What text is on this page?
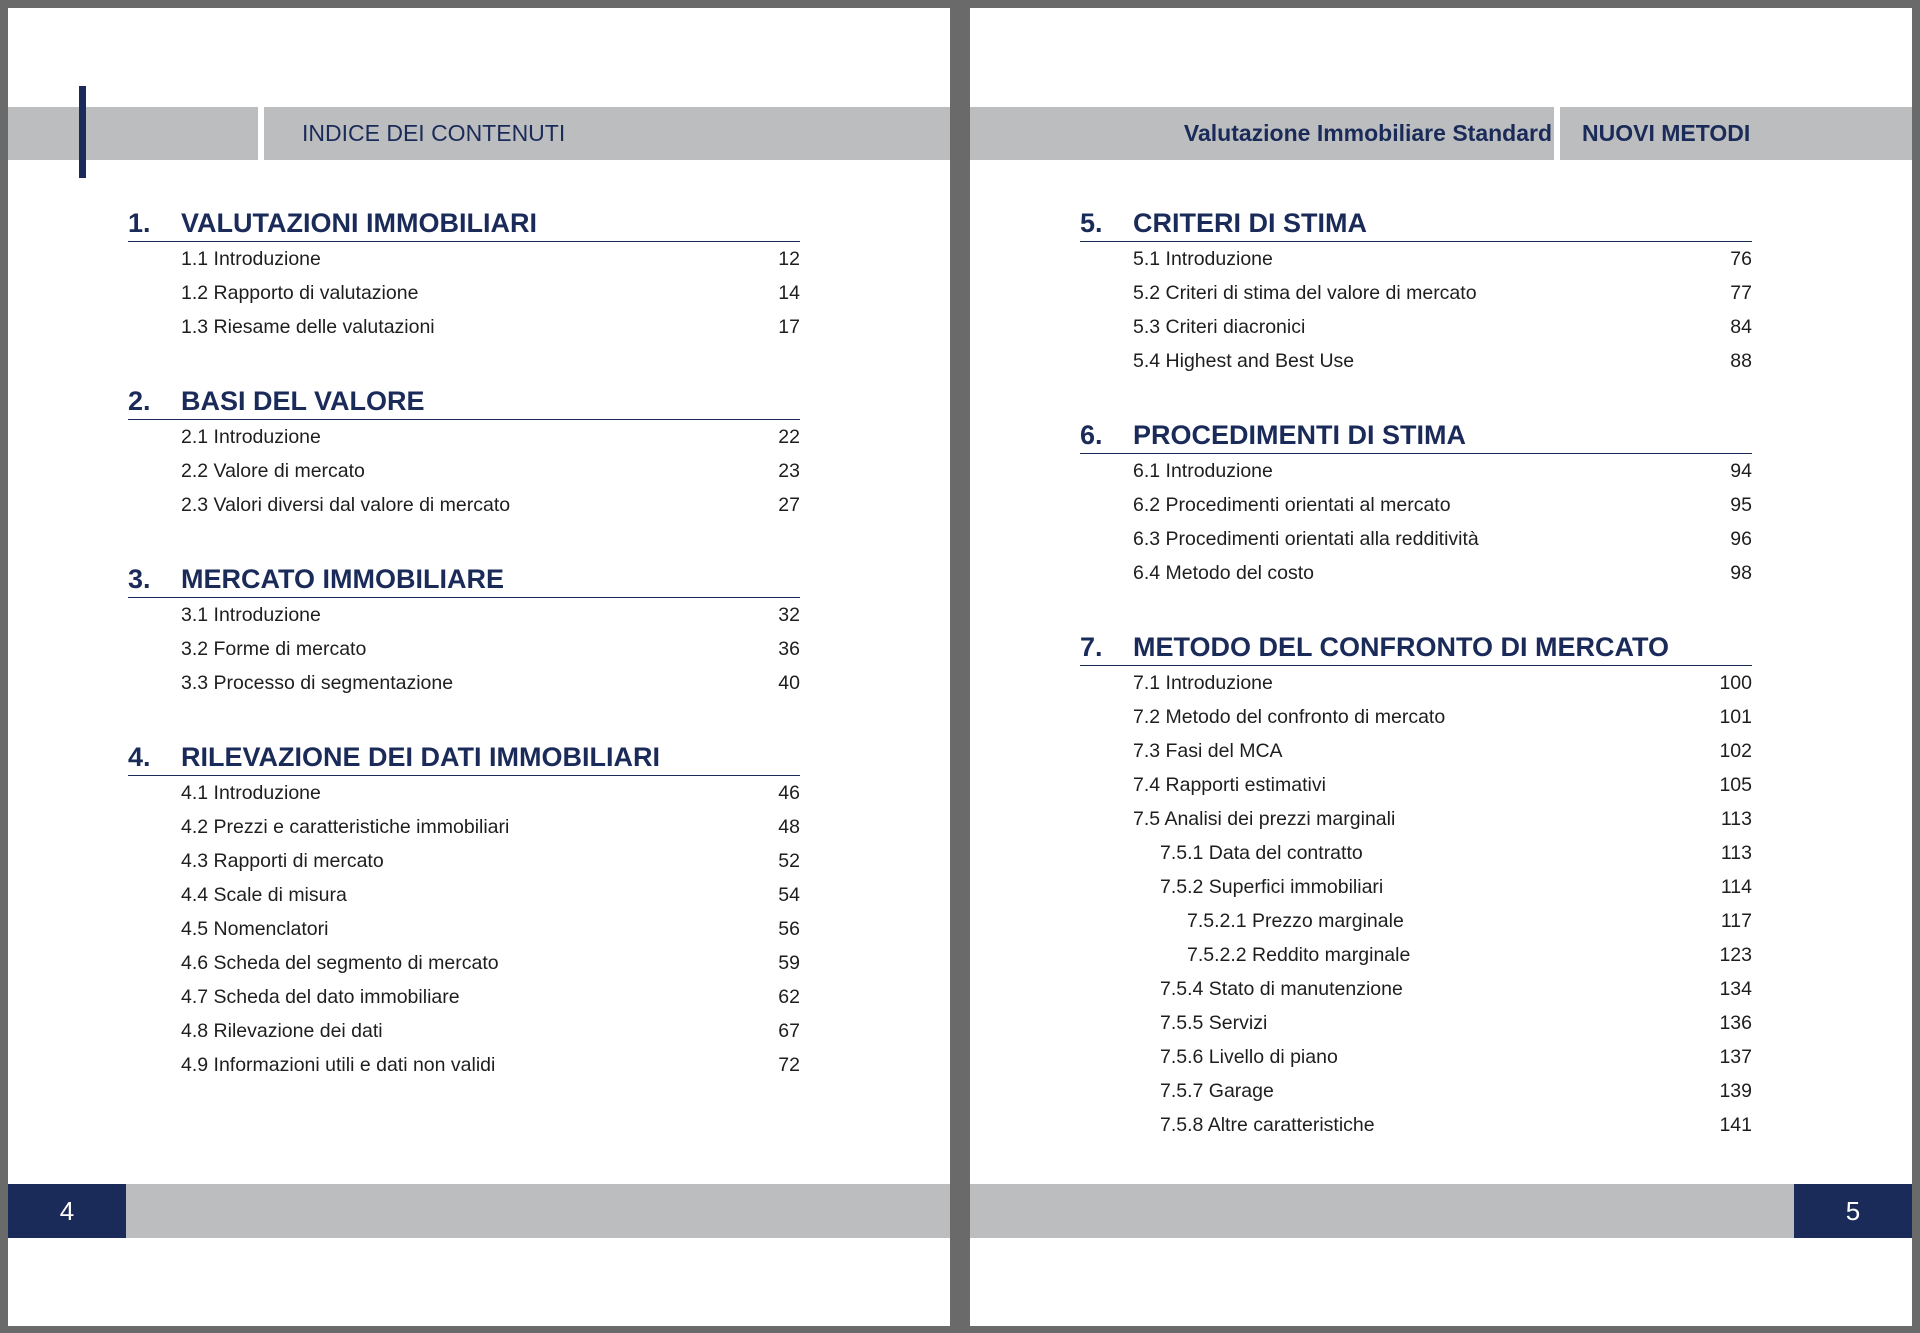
INDICE DEI CONTENUTI
1. VALUTAZIONI IMMOBILIARI
1.1 Introduzione	12
1.2 Rapporto di valutazione	14
1.3 Riesame delle valutazioni	17
2. BASI DEL VALORE
2.1 Introduzione	22
2.2 Valore di mercato	23
2.3 Valori diversi dal valore di mercato	27
3. MERCATO IMMOBILIARE
3.1 Introduzione	32
3.2 Forme di mercato	36
3.3 Processo di segmentazione	40
4. RILEVAZIONE DEI DATI IMMOBILIARI
4.1 Introduzione	46
4.2 Prezzi e caratteristiche immobiliari	48
4.3 Rapporti di mercato	52
4.4 Scale di misura	54
4.5 Nomenclatori	56
4.6 Scheda del segmento di mercato	59
4.7 Scheda del dato immobiliare	62
4.8 Rilevazione dei dati	67
4.9 Informazioni utili e dati non validi	72
4
Valutazione Immobiliare Standard NUOVI METODI
5. CRITERI DI STIMA
5.1 Introduzione	76
5.2 Criteri di stima del valore di mercato	77
5.3 Criteri diacronici	84
5.4 Highest and Best Use	88
6. PROCEDIMENTI DI STIMA
6.1 Introduzione	94
6.2 Procedimenti orientati al mercato	95
6.3 Procedimenti orientati alla redditività	96
6.4 Metodo del costo	98
7. METODO DEL CONFRONTO DI MERCATO
7.1 Introduzione	100
7.2 Metodo del confronto di mercato	101
7.3 Fasi del MCA	102
7.4 Rapporti estimativi	105
7.5 Analisi dei prezzi marginali	113
7.5.1 Data del contratto	113
7.5.2 Superfici immobiliari	114
7.5.2.1 Prezzo marginale	117
7.5.2.2 Reddito marginale	123
7.5.4 Stato di manutenzione	134
7.5.5 Servizi	136
7.5.6 Livello di piano	137
7.5.7 Garage	139
7.5.8 Altre caratteristiche	141
5
